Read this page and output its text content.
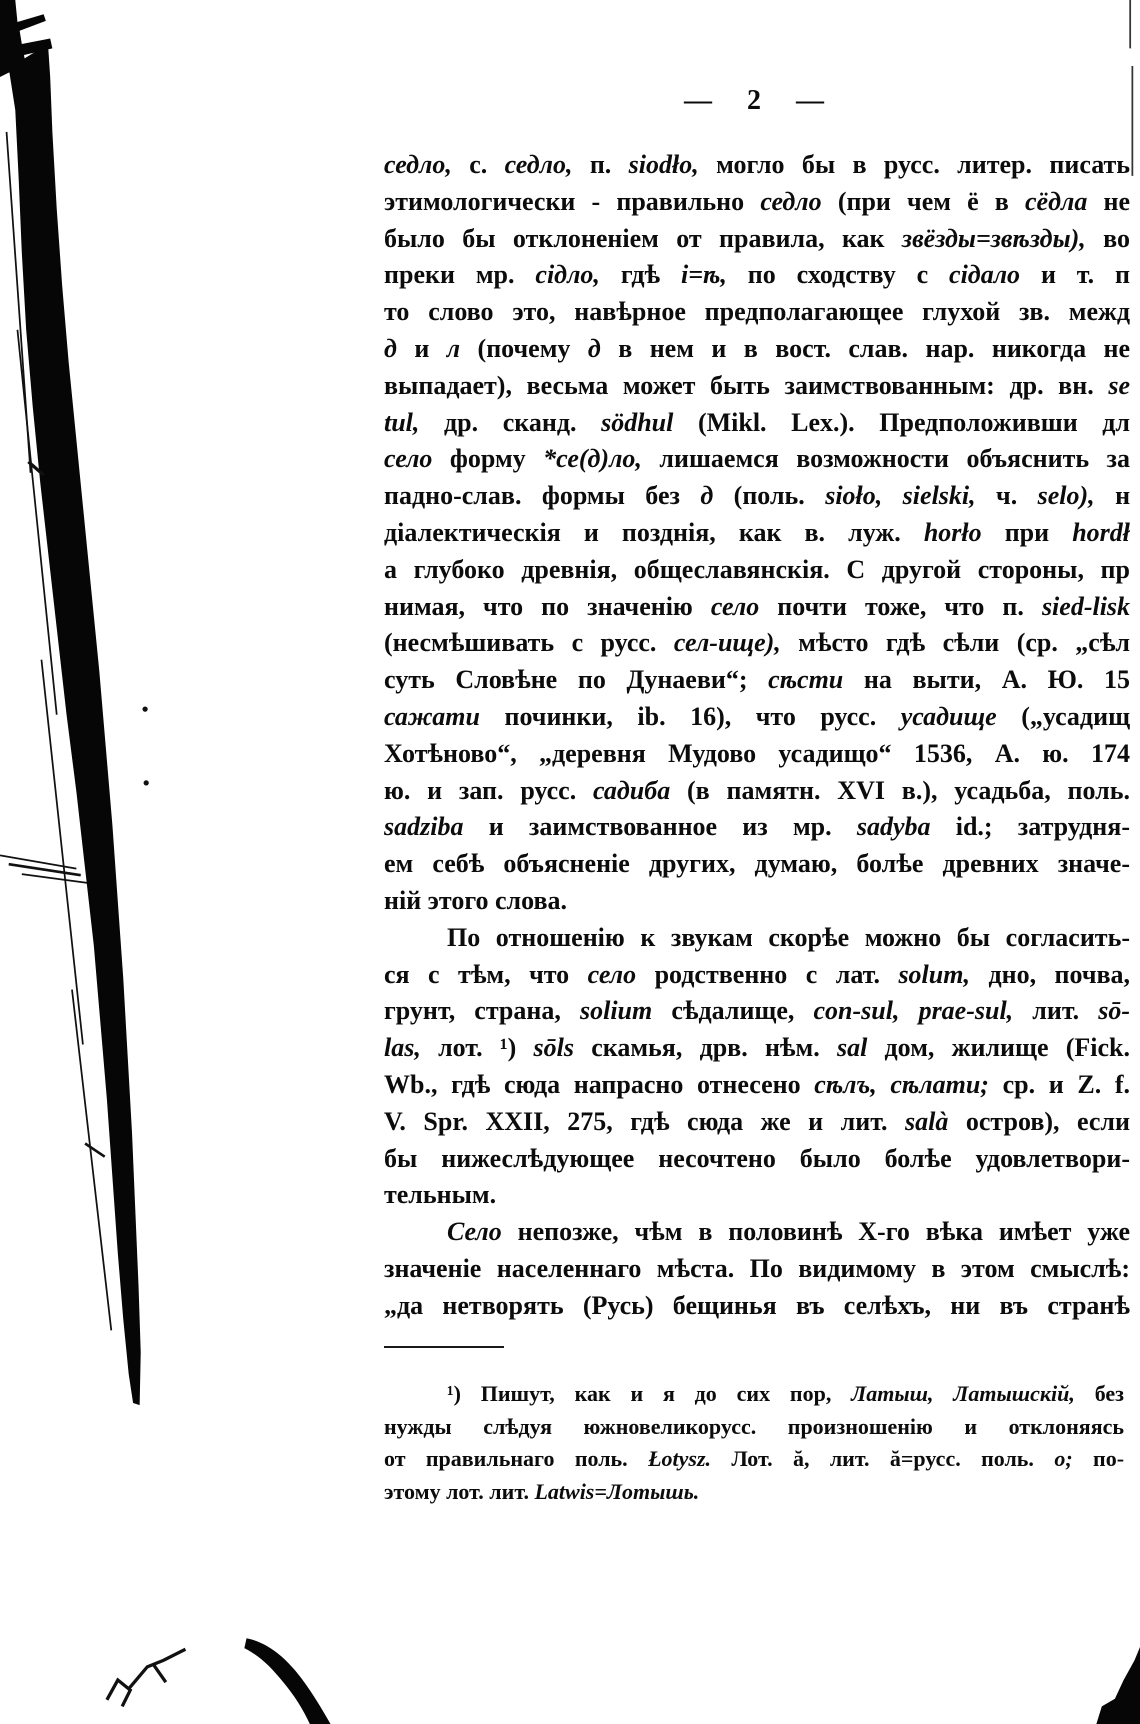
— 2 —
седло, с. седло, п. siodło, могло бы в русс. литер. писать
этимологически - правильно седло (при чем ё в сёдла не
было бы отклоненіем от правила, как звёзды=звѣзды), во
преки мр. сідло, гдѣ і=ѣ, по сходству с сідало и т. п
то слово это, навѣрное предполагающее глухой зв. межд
д и л (почему д в нем и в вост. слав. нар. никогда не
выпадает), весьма может быть заимствованным: др. вн. se
tul, др. сканд. södhul (Mikl. Lex.). Предположивши дл
село форму *се(д)ло, лишаемся возможности объяснить за
падно-слав. формы без д (поль. sioło, sielski, ч. selo), н
діалектическія и позднія, как в. луж. horło при hordł
а глубоко древнія, общеславянскія. С другой стороны, пр
нимая, что по значенію село почти тоже, что п. sied-lisk
(несмѣшивать с русс. сел-ище), мѣсто гдѣ сѣли (ср. „сѣл
суть Словѣне по Дунаеви“; сѣсти на выти, А. Ю. 15
сажати починки, ib. 16), что русс. усадище („усадищ
Хотѣново“, „деревня Мудово усадищо“ 1536, А. ю. 174
ю. и зап. русс. садиба (в памятн. XVI в.), усадьба, поль.
sadziba и заимствованное из мр. sadyba id.; затрудня-
ем себѣ объясненіе других, думаю, болѣе древних значе-
ній этого слова.
По отношенію к звукам скорѣе можно бы согласить-
ся с тѣм, что село родственно с лат. solum, дно, почва,
грунт, страна, solium сѣдалище, con-sul, prae-sul, лит. sō-
las, лот. ¹) sōls скамья, дрв. нѣм. sal дом, жилище (Fick.
Wb., гдѣ сюда напрасно отнесено сѣлъ, сѣлати; ср. и Z. f.
V. Spr. XXII, 275, гдѣ сюда же и лит. salà остров), если
бы нижеслѣдующее несочтено было болѣе удовлетвори-
тельным.
Село непозже, чѣм в половинѣ X-го вѣка имѣет уже
значеніе населеннаго мѣста. По видимому в этом смыслѣ:
„да нетворять (Русь) бещинья въ селѣхъ, ни въ странѣ
¹) Пишут, как и я до сих пор, Латыш, Латышскій, без
нужды слѣдуя южновеликорусс. произношенію и отклоняясь
от правильнаго поль. Łotysz. Лот. ă, лит. ă=русс. поль. o; по-
этому лот. лит. Latwis=Лотышь.
